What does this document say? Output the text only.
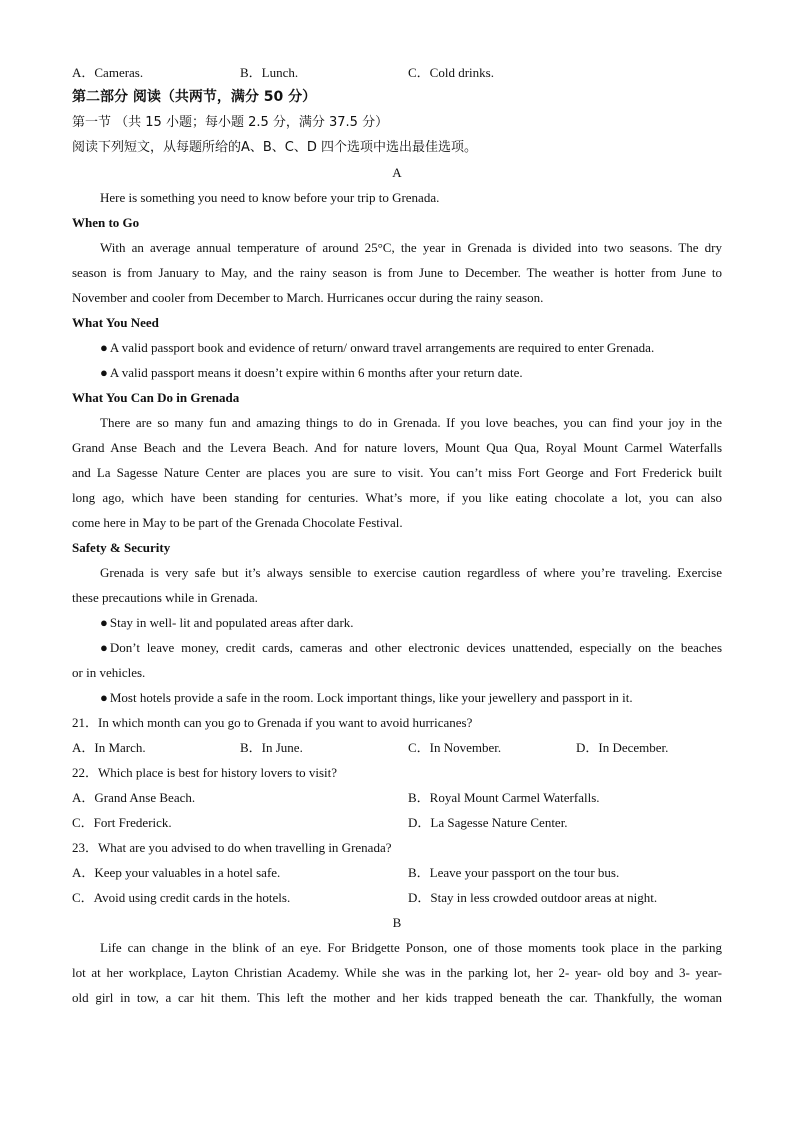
A．Cameras.	B．Lunch.	C．Cold drinks.
第二部分 阅读（共两节，满分 50 分）
第一节 （共 15 小题；每小题 2.5 分，满分 37.5 分）
阅读下列短文，从每题所给的A、B、C、D 四个选项中选出最佳选项。
A
Here is something you need to know before your trip to Grenada.
When to Go
With an average annual temperature of around 25°C, the year in Grenada is divided into two seasons. The dry
season is from January to May, and the rainy season is from June to December. The weather is hotter from June to
November and cooler from December to March. Hurricanes occur during the rainy season.
What You Need
● A valid passport book and evidence of return/ onward travel arrangements are required to enter Grenada.
● A valid passport means it doesn’t expire within 6 months after your return date.
What You Can Do in Grenada
There are so many fun and amazing things to do in Grenada. If you love beaches, you can find your joy in the
Grand Anse Beach and the Levera Beach. And for nature lovers, Mount Qua Qua, Royal Mount Carmel Waterfalls
and La Sagesse Nature Center are places you are sure to visit. You can’t miss Fort George and Fort Frederick built
long ago, which have been standing for centuries. What’s more, if you like eating chocolate a lot, you can also
come here in May to be part of the Grenada Chocolate Festival.
Safety & Security
Grenada is very safe but it’s always sensible to exercise caution regardless of where you’re traveling. Exercise
these precautions while in Grenada.
● Stay in well- lit and populated areas after dark.
● Don’t leave money, credit cards, cameras and other electronic devices unattended, especially on the beaches
or in vehicles.
● Most hotels provide a safe in the room. Lock important things, like your jewellery and passport in it.
21．In which month can you go to Grenada if you want to avoid hurricanes?
A．In March.	B．In June.	C．In November.	D．In December.
22．Which place is best for history lovers to visit?
A．Grand Anse Beach.	B．Royal Mount Carmel Waterfalls.
C．Fort Frederick.	D．La Sagesse Nature Center.
23．What are you advised to do when travelling in Grenada?
A．Keep your valuables in a hotel safe.	B．Leave your passport on the tour bus.
C．Avoid using credit cards in the hotels.	D．Stay in less crowded outdoor areas at night.
B
Life can change in the blink of an eye. For Bridgette Ponson, one of those moments took place in the parking
lot at her workplace, Layton Christian Academy. While she was in the parking lot, her 2- year- old boy and 3- year-
old girl in tow, a car hit them. This left the mother and her kids trapped beneath the car. Thankfully, the woman
